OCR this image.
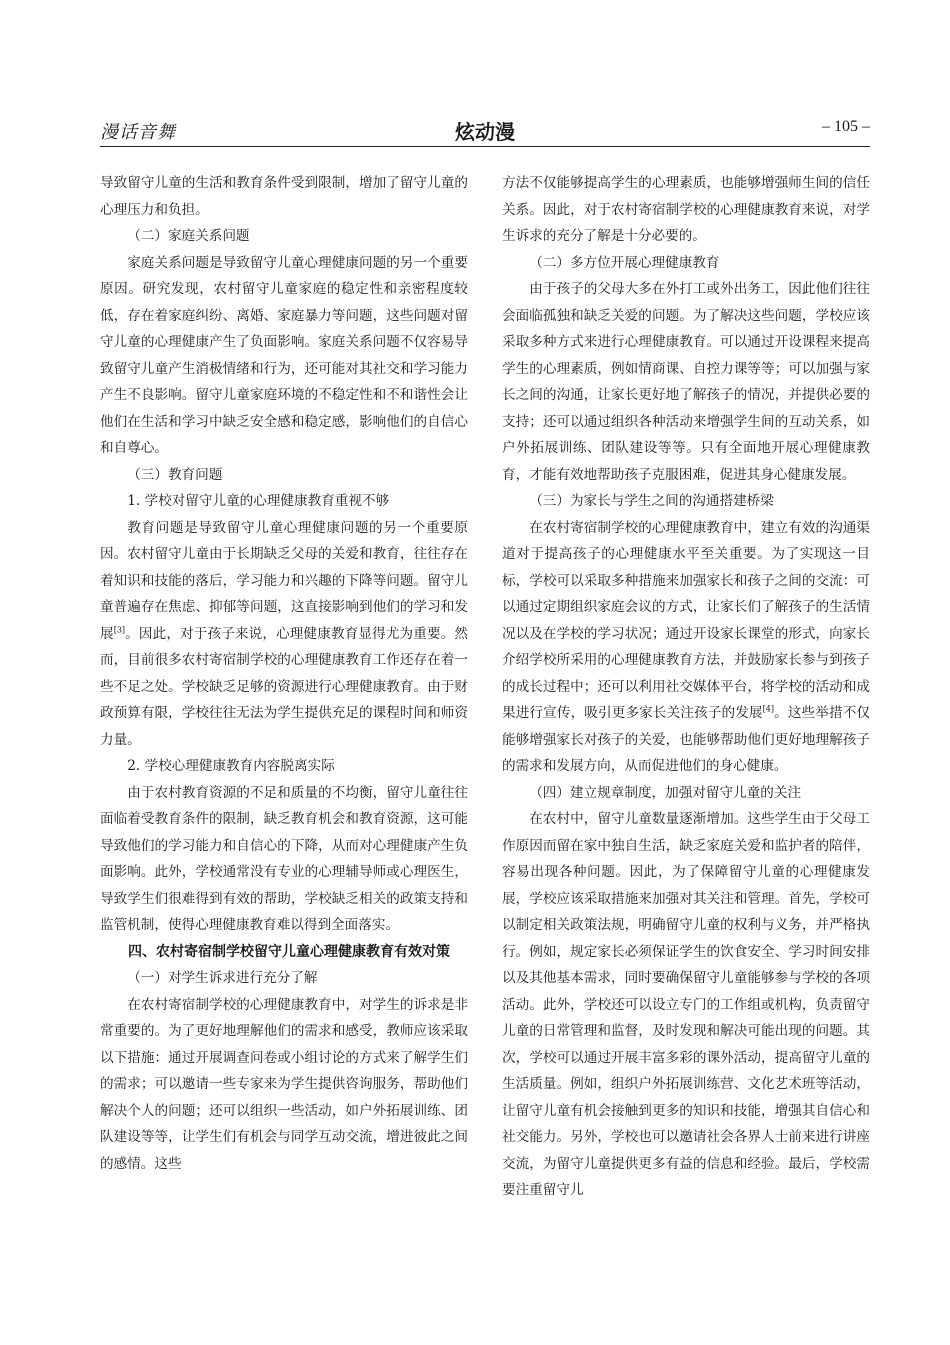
漫话音舞	炫动漫	– 105 –

导致留守儿童的生活和教育条件受到限制，增加了留守儿童的心理压力和负担。

（二）家庭关系问题

家庭关系问题是导致留守儿童心理健康问题的另一个重要原因。研究发现，农村留守儿童家庭的稳定性和亲密程度较低，存在着家庭纠纷、离婚、家庭暴力等问题，这些问题对留守儿童的心理健康产生了负面影响。家庭关系问题不仅容易导致留守儿童产生消极情绪和行为，还可能对其社交和学习能力产生不良影响。留守儿童家庭环境的不稳定性和不和谐性会让他们在生活和学习中缺乏安全感和稳定感，影响他们的自信心和自尊心。

（三）教育问题

1. 学校对留守儿童的心理健康教育重视不够

教育问题是导致留守儿童心理健康问题的另一个重要原因。农村留守儿童由于长期缺乏父母的关爱和教育，往往存在着知识和技能的落后，学习能力和兴趣的下降等问题。留守儿童普遍存在焦虑、抑郁等问题，这直接影响到他们的学习和发展[3]。因此，对于孩子来说，心理健康教育显得尤为重要。然而，目前很多农村寄宿制学校的心理健康教育工作还存在着一些不足之处。学校缺乏足够的资源进行心理健康教育。由于财政预算有限，学校往往无法为学生提供充足的课程时间和师资力量。

2. 学校心理健康教育内容脱离实际

由于农村教育资源的不足和质量的不均衡，留守儿童往往面临着受教育条件的限制，缺乏教育机会和教育资源，这可能导致他们的学习能力和自信心的下降，从而对心理健康产生负面影响。此外，学校通常没有专业的心理辅导师或心理医生，导致学生们很难得到有效的帮助，学校缺乏相关的政策支持和监管机制，使得心理健康教育难以得到全面落实。

四、农村寄宿制学校留守儿童心理健康教育有效对策

（一）对学生诉求进行充分了解

在农村寄宿制学校的心理健康教育中，对学生的诉求是非常重要的。为了更好地理解他们的需求和感受，教师应该采取以下措施：通过开展调查问卷或小组讨论的方式来了解学生们的需求；可以邀请一些专家来为学生提供咨询服务，帮助他们解决个人的问题；还可以组织一些活动，如户外拓展训练、团队建设等等，让学生们有机会与同学互动交流，增进彼此之间的感情。这些

方法不仅能够提高学生的心理素质，也能够增强师生间的信任关系。因此，对于农村寄宿制学校的心理健康教育来说，对学生诉求的充分了解是十分必要的。

（二）多方位开展心理健康教育

由于孩子的父母大多在外打工或外出务工，因此他们往往会面临孤独和缺乏关爱的问题。为了解决这些问题，学校应该采取多种方式来进行心理健康教育。可以通过开设课程来提高学生的心理素质，例如情商课、自控力课等等；可以加强与家长之间的沟通，让家长更好地了解孩子的情况，并提供必要的支持；还可以通过组织各种活动来增强学生间的互动关系，如户外拓展训练、团队建设等等。只有全面地开展心理健康教育，才能有效地帮助孩子克服困难，促进其身心健康发展。

（三）为家长与学生之间的沟通搭建桥梁

在农村寄宿制学校的心理健康教育中，建立有效的沟通渠道对于提高孩子的心理健康水平至关重要。为了实现这一目标，学校可以采取多种措施来加强家长和孩子之间的交流：可以通过定期组织家庭会议的方式，让家长们了解孩子的生活情况以及在学校的学习状况；通过开设家长课堂的形式，向家长介绍学校所采用的心理健康教育方法，并鼓励家长参与到孩子的成长过程中；还可以利用社交媒体平台，将学校的活动和成果进行宣传，吸引更多家长关注孩子的发展[4]。这些举措不仅能够增强家长对孩子的关爱，也能够帮助他们更好地理解孩子的需求和发展方向，从而促进他们的身心健康。

（四）建立规章制度，加强对留守儿童的关注

在农村中，留守儿童数量逐渐增加。这些学生由于父母工作原因而留在家中独自生活，缺乏家庭关爱和监护者的陪伴，容易出现各种问题。因此，为了保障留守儿童的心理健康发展，学校应该采取措施来加强对其关注和管理。首先，学校可以制定相关政策法规，明确留守儿童的权利与义务，并严格执行。例如，规定家长必须保证学生的饮食安全、学习时间安排以及其他基本需求，同时要确保留守儿童能够参与学校的各项活动。此外，学校还可以设立专门的工作组或机构，负责留守儿童的日常管理和监督，及时发现和解决可能出现的问题。其次，学校可以通过开展丰富多彩的课外活动，提高留守儿童的生活质量。例如，组织户外拓展训练营、文化艺术班等活动，让留守儿童有机会接触到更多的知识和技能，增强其自信心和社交能力。另外，学校也可以邀请社会各界人士前来进行讲座交流，为留守儿童提供更多有益的信息和经验。最后，学校需要注重留守儿
